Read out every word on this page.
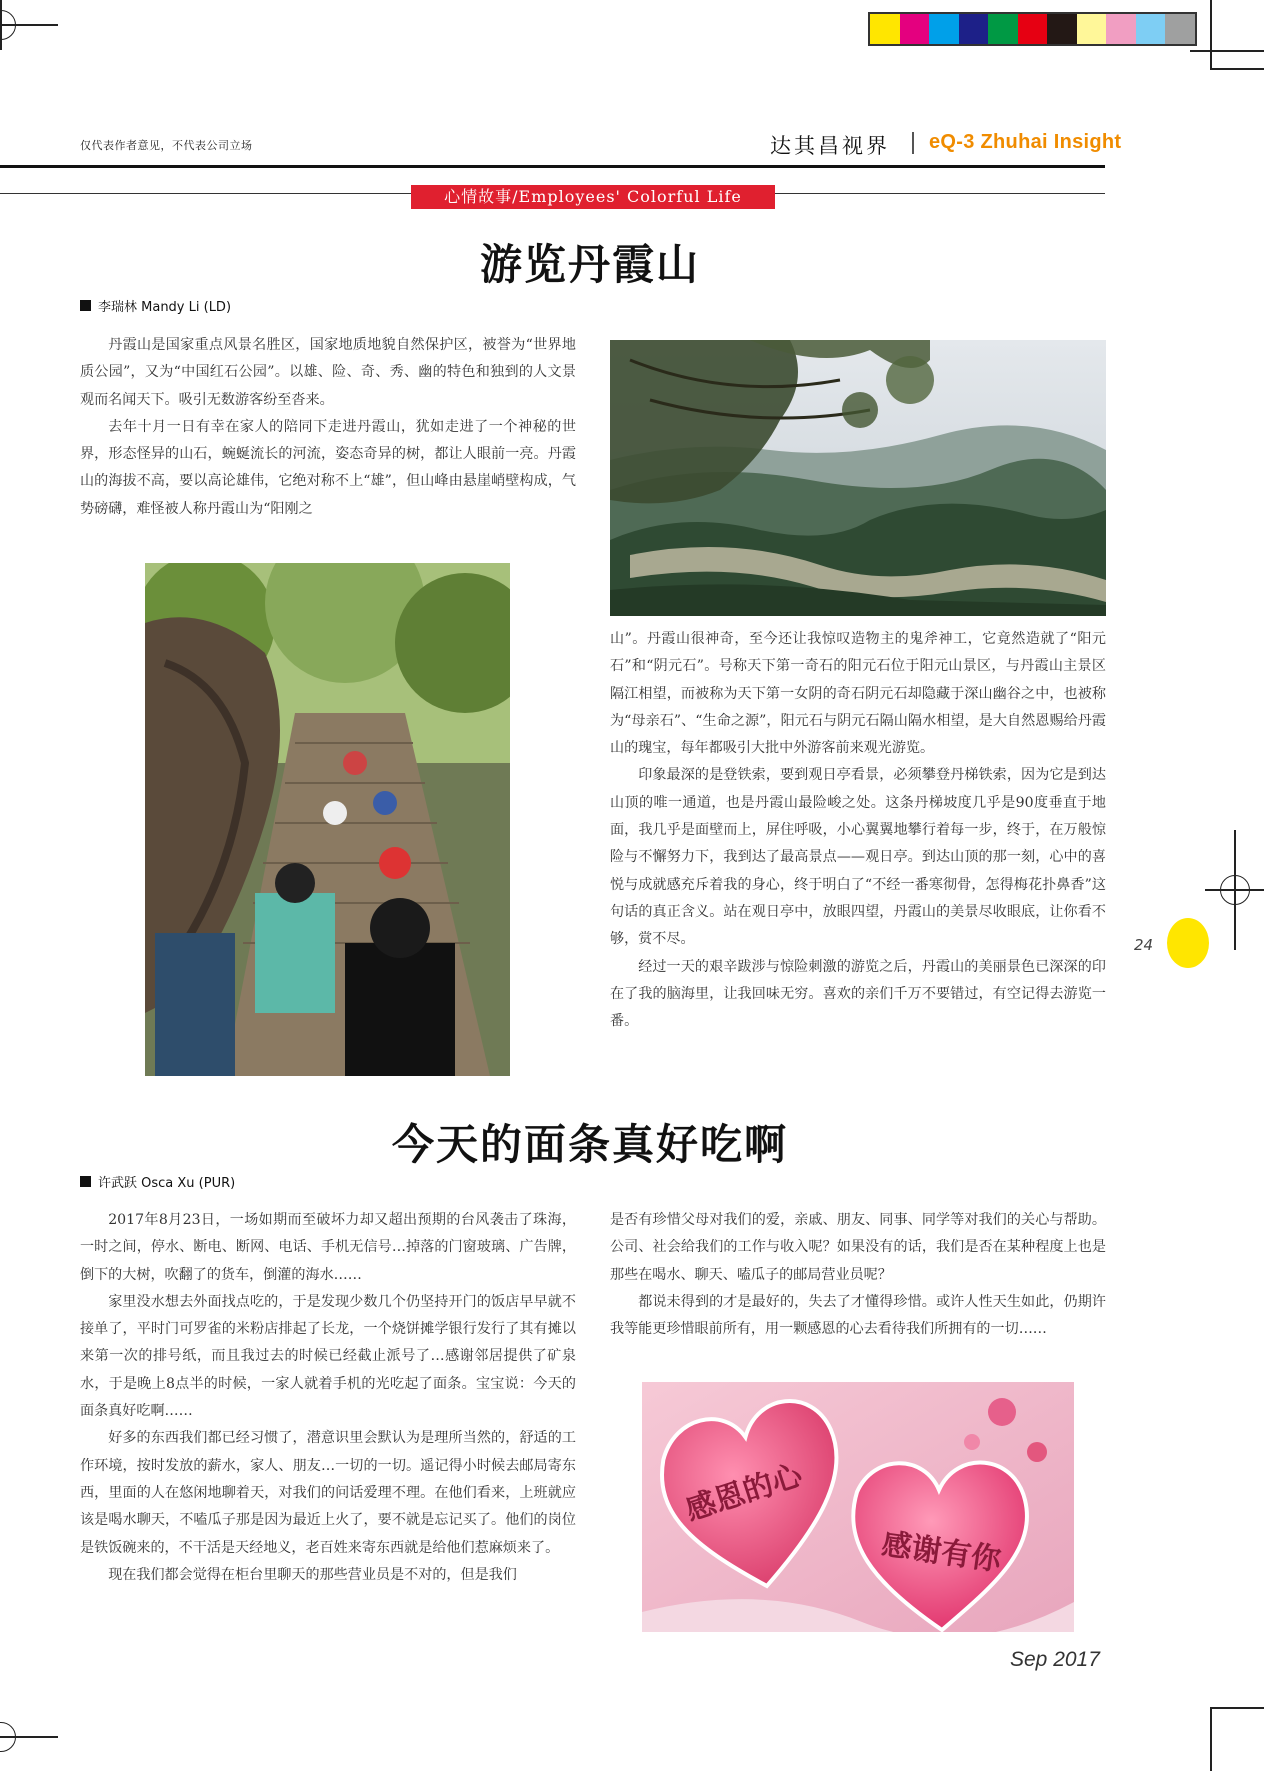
仅代表作者意见，不代表公司立场	达其昌视界 eQ-3 Zhuhai Insight
心情故事/Employees' Colorful Life
游览丹霞山
李瑞林 Mandy Li (LD)

丹霞山是国家重点风景名胜区，国家地质地貌自然保护区，被誉为“世界地质公园”，又为“中国红石公园”。以雄、险、奇、秀、幽的特色和独到的人文景观而名闻天下。吸引无数游客纷至沓来。

去年十月一日有幸在家人的陪同下走进丹霞山，犹如走进了一个神秘的世界，形态怪异的山石，蜿蜒流长的河流，姿态奇异的树，都让人眼前一亮。丹霞山的海拔不高，要以高论雄伟，它绝对称不上“雄”，但山峰由悬崖峭壁构成，气势磅礴，难怪被人称丹霞山为“阳刚之

山”。丹霞山很神奇，至今还让我惊叹造物主的鬼斧神工，它竟然造就了“阳元石”和“阴元石”。号称天下第一奇石的阳元石位于阳元山景区，与丹霞山主景区隔江相望，而被称为天下第一女阴的奇石阴元石却隐藏于深山幽谷之中，也被称为“母亲石”、“生命之源”，阳元石与阴元石隔山隔水相望，是大自然恩赐给丹霞山的瑰宝，每年都吸引大批中外游客前来观光游览。

印象最深的是登铁索，要到观日亭看景，必须攀登丹梯铁索，因为它是到达山顶的唯一通道，也是丹霞山最险峻之处。这条丹梯坡度几乎是90度垂直于地面，我几乎是面壁而上，屏住呼吸，小心翼翼地攀行着每一步，终于，在万般惊险与不懈努力下，我到达了最高景点——观日亭。到达山顶的那一刻，心中的喜悦与成就感充斥着我的身心，终于明白了“不经一番寒彻骨，怎得梅花扑鼻香”这句话的真正含义。站在观日亭中，放眼四望，丹霞山的美景尽收眼底，让你看不够，赏不尽。

经过一天的艰辛跋涉与惊险刺激的游览之后，丹霞山的美丽景色已深深的印在了我的脑海里，让我回味无穷。喜欢的亲们千万不要错过，有空记得去游览一番。

24
今天的面条真好吃啊
许武跃 Osca Xu (PUR)

2017年8月23日，一场如期而至破坏力却又超出预期的台风袭击了珠海，一时之间，停水、断电、断网、电话、手机无信号…掉落的门窗玻璃、广告牌，倒下的大树，吹翻了的货车，倒灌的海水……

家里没水想去外面找点吃的，于是发现少数几个仍坚持开门的饭店早早就不接单了，平时门可罗雀的米粉店排起了长龙，一个烧饼摊学银行发行了其有摊以来第一次的排号纸，而且我过去的时候已经截止派号了…感谢邻居提供了矿泉水，于是晚上8点半的时候，一家人就着手机的光吃起了面条。宝宝说：今天的面条真好吃啊……

好多的东西我们都已经习惯了，潜意识里会默认为是理所当然的，舒适的工作环境，按时发放的薪水，家人、朋友…一切的一切。遥记得小时候去邮局寄东西，里面的人在悠闲地聊着天，对我们的问话爱理不理。在他们看来，上班就应该是喝水聊天，不嗑瓜子那是因为最近上火了，要不就是忘记买了。他们的岗位是铁饭碗来的，不干活是天经地义，老百姓来寄东西就是给他们惹麻烦来了。

现在我们都会觉得在柜台里聊天的那些营业员是不对的，但是我们

是否有珍惜父母对我们的爱，亲戚、朋友、同事、同学等对我们的关心与帮助。公司、社会给我们的工作与收入呢？如果没有的话，我们是否在某种程度上也是那些在喝水、聊天、嗑瓜子的邮局营业员呢？

都说未得到的才是最好的，失去了才懂得珍惜。或许人性天生如此，仍期许我等能更珍惜眼前所有，用一颗感恩的心去看待我们所拥有的一切……

感恩的心
感谢有你
Sep 2017
